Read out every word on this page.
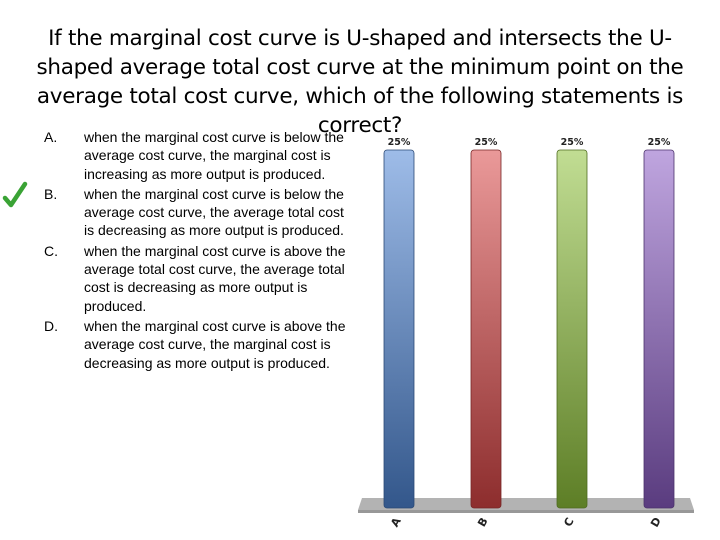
If the marginal cost curve is U-shaped and intersects the U-shaped average total cost curve at the minimum point on the average total cost curve, which of the following statements is correct?
A. when the marginal cost curve is below the average cost curve, the marginal cost is increasing as more output is produced.
B. when the marginal cost curve is below the average cost curve, the average total cost is decreasing as more output is produced.
C. when the marginal cost curve is above the average total cost curve, the average total cost is decreasing as more output is produced.
D. when the marginal cost curve is above the average cost curve, the marginal cost is decreasing as more output is produced.
25%
A
25%
B
25%
C
25%
D
